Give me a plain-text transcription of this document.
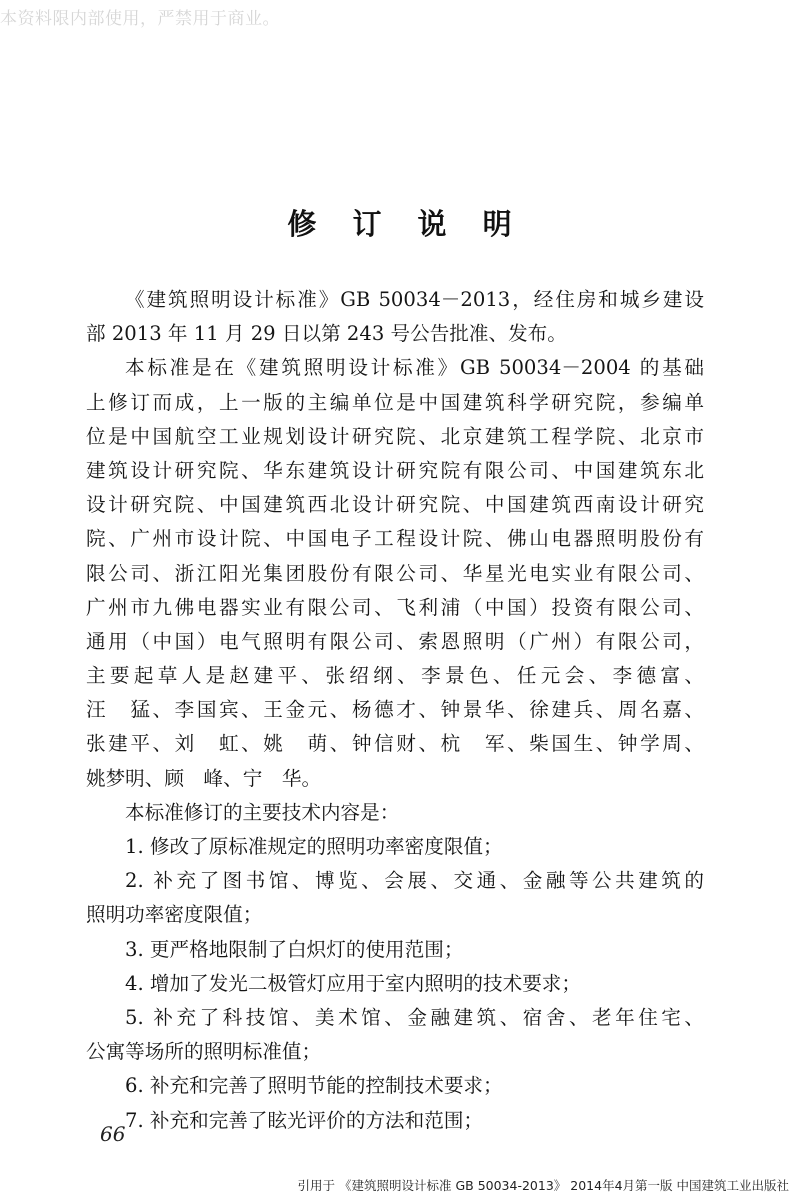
本资料限内部使用，严禁用于商业。
修 订 说 明
《建筑照明设计标准》GB 50034－2013，经住房和城乡建设
部 2013 年 11 月 29 日以第 243 号公告批准、发布。
本标准是在《建筑照明设计标准》GB 50034－2004 的基础
上修订而成，上一版的主编单位是中国建筑科学研究院，参编单
位是中国航空工业规划设计研究院、北京建筑工程学院、北京市
建筑设计研究院、华东建筑设计研究院有限公司、中国建筑东北
设计研究院、中国建筑西北设计研究院、中国建筑西南设计研究
院、广州市设计院、中国电子工程设计院、佛山电器照明股份有
限公司、浙江阳光集团股份有限公司、华星光电实业有限公司、
广州市九佛电器实业有限公司、飞利浦（中国）投资有限公司、
通用（中国）电气照明有限公司、索恩照明（广州）有限公司，
主要起草人是赵建平、张绍纲、李景色、任元会、李德富、
汪　猛、李国宾、王金元、杨德才、钟景华、徐建兵、周名嘉、
张建平、刘　虹、姚　萌、钟信财、杭　军、柴国生、钟学周、
姚梦明、顾　峰、宁　华。
本标准修订的主要技术内容是：
1. 修改了原标准规定的照明功率密度限值；
2. 补充了图书馆、博览、会展、交通、金融等公共建筑的
照明功率密度限值；
3. 更严格地限制了白炽灯的使用范围；
4. 增加了发光二极管灯应用于室内照明的技术要求；
5. 补充了科技馆、美术馆、金融建筑、宿舍、老年住宅、
公寓等场所的照明标准值；
6. 补充和完善了照明节能的控制技术要求；
7. 补充和完善了眩光评价的方法和范围；
66
引用于 《建筑照明设计标准 GB 50034-2013》 2014年4月第一版 中国建筑工业出版社
